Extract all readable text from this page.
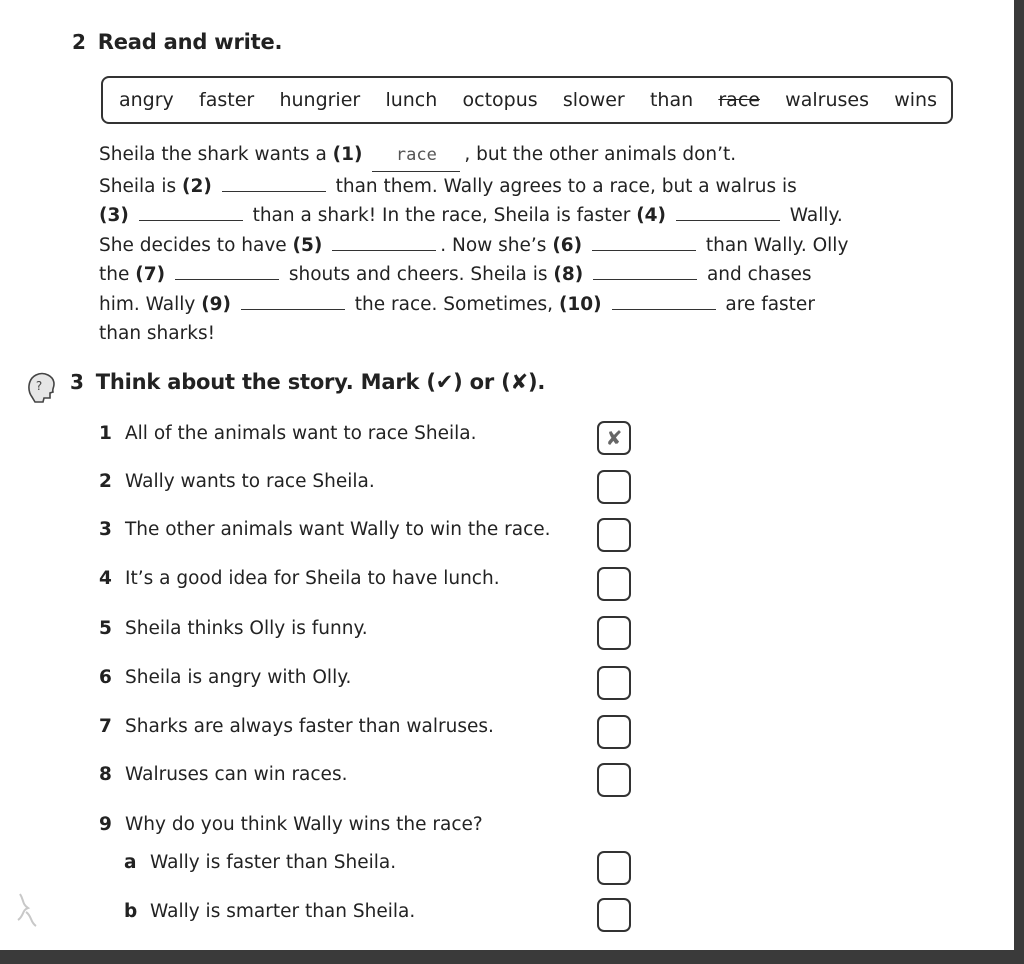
2 Read and write.
angry faster hungrier lunch octopus slower than race walruses wins
Sheila the shark wants a (1) race , but the other animals don’t.
Sheila is (2)	than them. Wally agrees to a race, but a walrus is
(3)	than a shark! In the race, Sheila is faster (4)	Wally.
She decides to have (5)	. Now she’s (6)	than Wally. Olly
the (7)	shouts and cheers. Sheila is (8)	and chases
him. Wally (9)	the race. Sometimes, (10)	are faster
than sharks!
? 3 Think about the story. Mark (✔) or (✘).
1 All of the animals want to race Sheila.	✘
2 Wally wants to race Sheila.
3 The other animals want Wally to win the race.
4 It’s a good idea for Sheila to have lunch.
5 Sheila thinks Olly is funny.
6 Sheila is angry with Olly.
7 Sharks are always faster than walruses.
8 Walruses can win races.
9 Why do you think Wally wins the race?
a Wally is faster than Sheila.
b Wally is smarter than Sheila.
